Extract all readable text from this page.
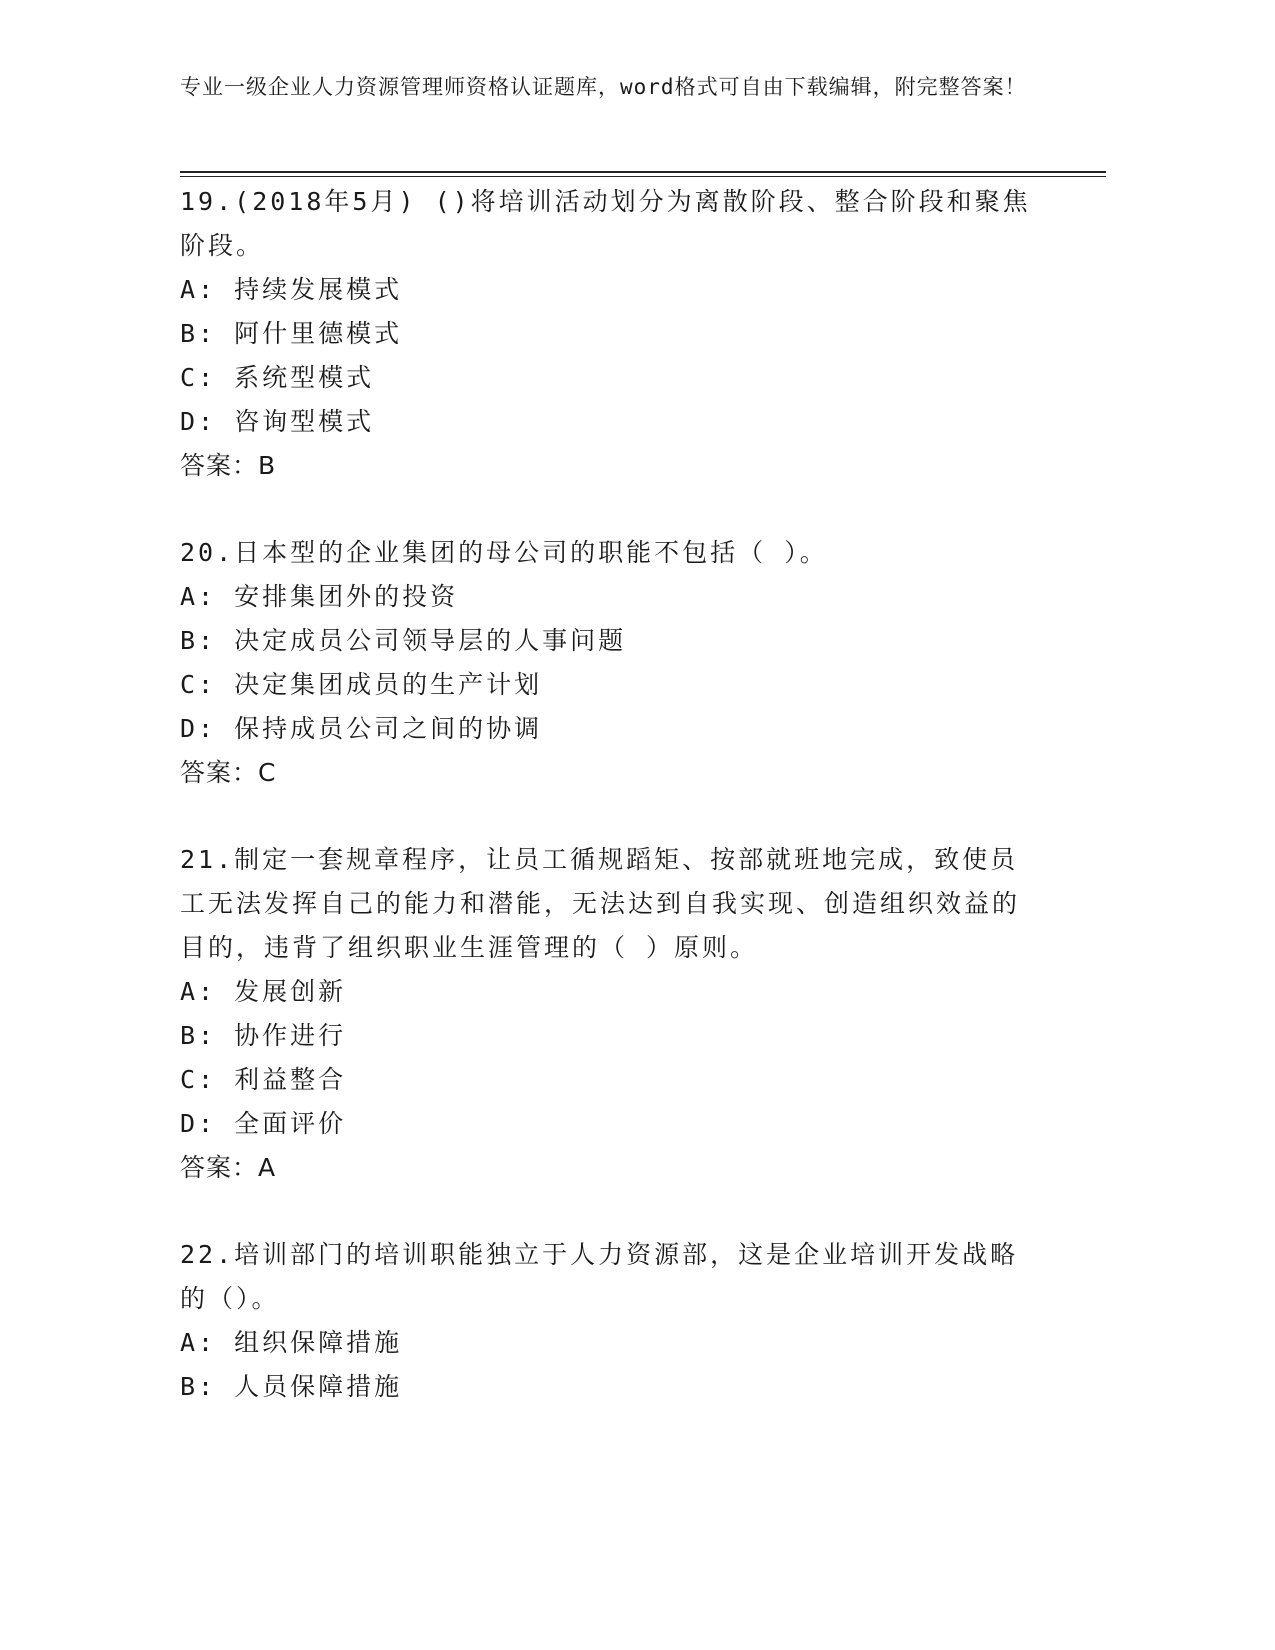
专业一级企业人力资源管理师资格认证题库，word格式可自由下载编辑，附完整答案！

19.(2018年5月) ()将培训活动划分为离散阶段、整合阶段和聚焦阶段。

A: 持续发展模式

B: 阿什里德模式

C: 系统型模式

D: 咨询型模式

答案：B

20.日本型的企业集团的母公司的职能不包括（ ）。

A: 安排集团外的投资

B: 决定成员公司领导层的人事问题

C: 决定集团成员的生产计划

D: 保持成员公司之间的协调

答案：C

21.制定一套规章程序，让员工循规蹈矩、按部就班地完成，致使员工无法发挥自己的能力和潜能，无法达到自我实现、创造组织效益的目的，违背了组织职业生涯管理的（ ）原则。

A: 发展创新

B: 协作进行

C: 利益整合

D: 全面评价

答案：A

22.培训部门的培训职能独立于人力资源部，这是企业培训开发战略的（）。

A: 组织保障措施

B: 人员保障措施
